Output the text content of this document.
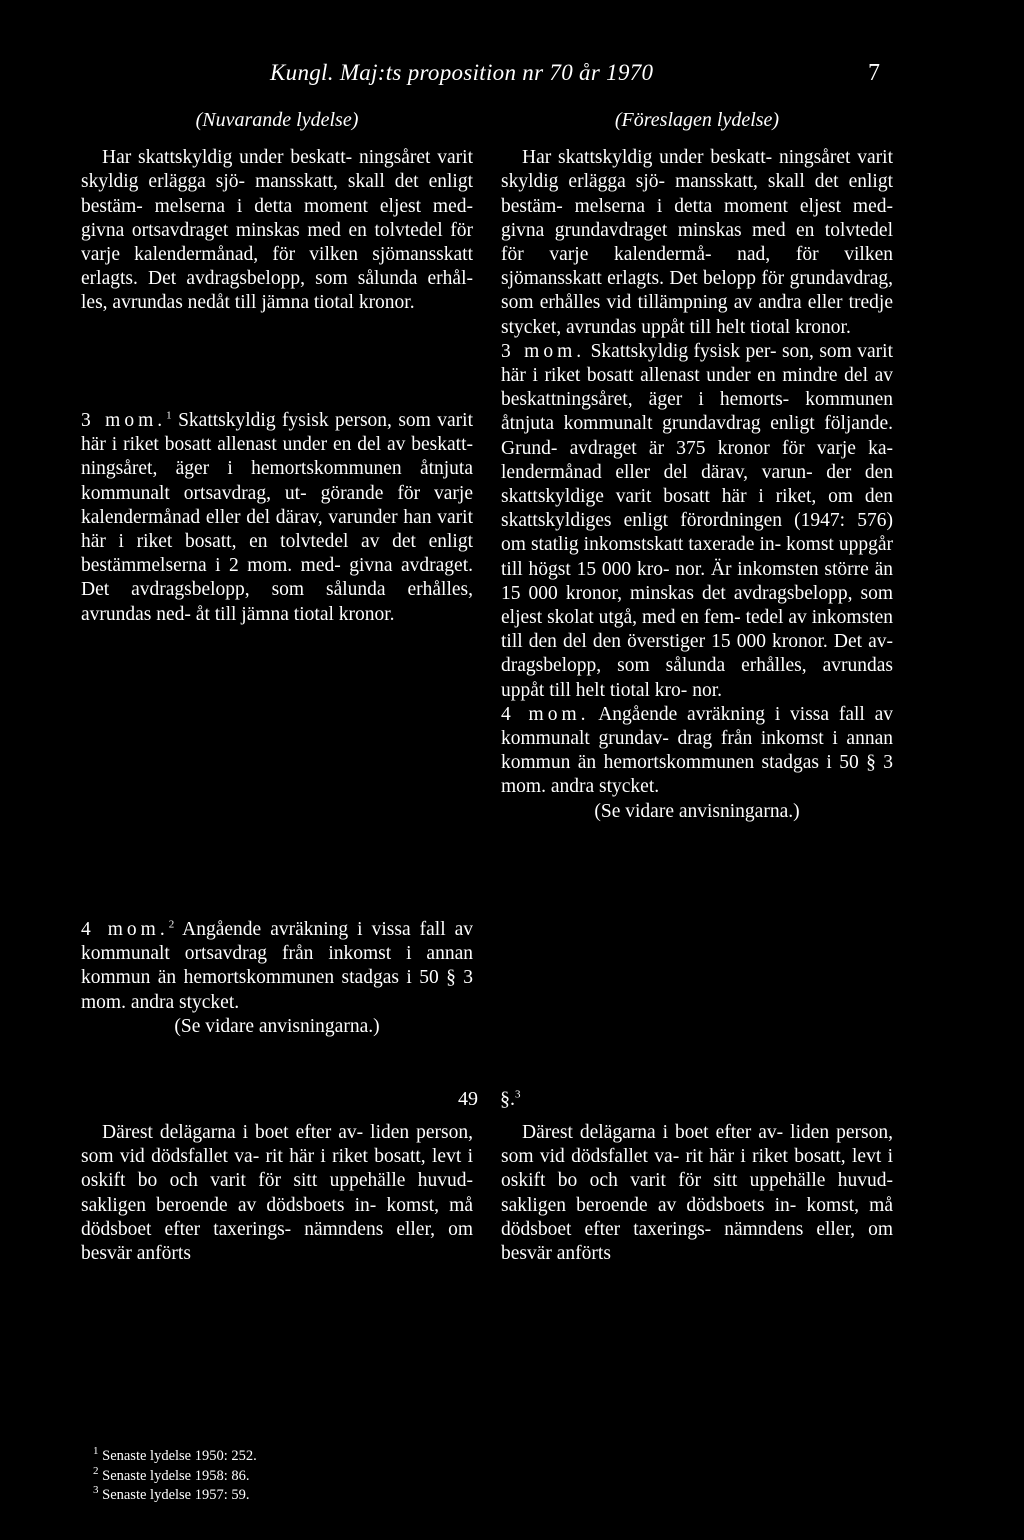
Kungl. Maj:ts proposition nr 70 år 1970	7
(Nuvarande lydelse)

Har skattskyldig under beskatt- ningsåret varit skyldig erlägga sjö- mansskatt, skall det enligt bestäm- melserna i detta moment eljest med- givna ortsavdraget minskas med en tolvtedel för varje kalendermånad, för vilken sjömansskatt erlagts. Det avdragsbelopp, som sålunda erhål- les, avrundas nedåt till jämna tiotal kronor.

3 mom.$^1$ Skattskyldig fysisk person, som varit här i riket bosatt allenast under en del av beskatt- ningsåret, äger i hemortskommunen åtnjuta kommunalt ortsavdrag, ut- görande för varje kalendermånad eller del därav, varunder han varit här i riket bosatt, en tolvtedel av det enligt bestämmelserna i 2 mom. med- givna avdraget. Det avdragsbelopp, som sålunda erhålles, avrundas ned- åt till jämna tiotal kronor.

4 mom.$^2$ Angående avräkning i vissa fall av kommunalt ortsavdrag från inkomst i annan kommun än hemortskommunen stadgas i 50 § 3 mom. andra stycket.

(Se vidare anvisningarna.)

49 §.$^3$

Därest delägarna i boet efter av- liden person, som vid dödsfallet va- rit här i riket bosatt, levt i oskift bo och varit för sitt uppehälle huvud- sakligen beroende av dödsboets in- komst, må dödsboet efter taxerings- nämndens eller, om besvär anförts

(Föreslagen lydelse)

Har skattskyldig under beskatt- ningsåret varit skyldig erlägga sjö- mansskatt, skall det enligt bestäm- melserna i detta moment eljest med- givna grundavdraget minskas med en tolvtedel för varje kalendermå- nad, för vilken sjömansskatt erlagts. Det belopp för grundavdrag, som erhålles vid tillämpning av andra eller tredje stycket, avrundas uppåt till helt tiotal kronor.

3 mom. Skattskyldig fysisk per- son, som varit här i riket bosatt allenast under en mindre del av beskattningsåret, äger i hemorts- kommunen åtnjuta kommunalt grundavdrag enligt följande. Grund- avdraget är 375 kronor för varje ka- lendermånad eller del därav, varun- der den skattskyldige varit bosatt här i riket, om den skattskyldiges enligt förordningen (1947: 576) om statlig inkomstskatt taxerade in- komst uppgår till högst 15 000 kro- nor. Är inkomsten större än 15 000 kronor, minskas det avdragsbelopp, som eljest skolat utgå, med en fem- tedel av inkomsten till den del den överstiger 15 000 kronor. Det av- dragsbelopp, som sålunda erhålles, avrundas uppåt till helt tiotal kro- nor.

4 mom. Angående avräkning i vissa fall av kommunalt grundav- drag från inkomst i annan kommun än hemortskommunen stadgas i 50 § 3 mom. andra stycket.

(Se vidare anvisningarna.)

Därest delägarna i boet efter av- liden person, som vid dödsfallet va- rit här i riket bosatt, levt i oskift bo och varit för sitt uppehälle huvud- sakligen beroende av dödsboets in- komst, må dödsboet efter taxerings- nämndens eller, om besvär anförts

$^1$ Senaste lydelse 1950: 252.
$^2$ Senaste lydelse 1958: 86.
$^3$ Senaste lydelse 1957: 59.
